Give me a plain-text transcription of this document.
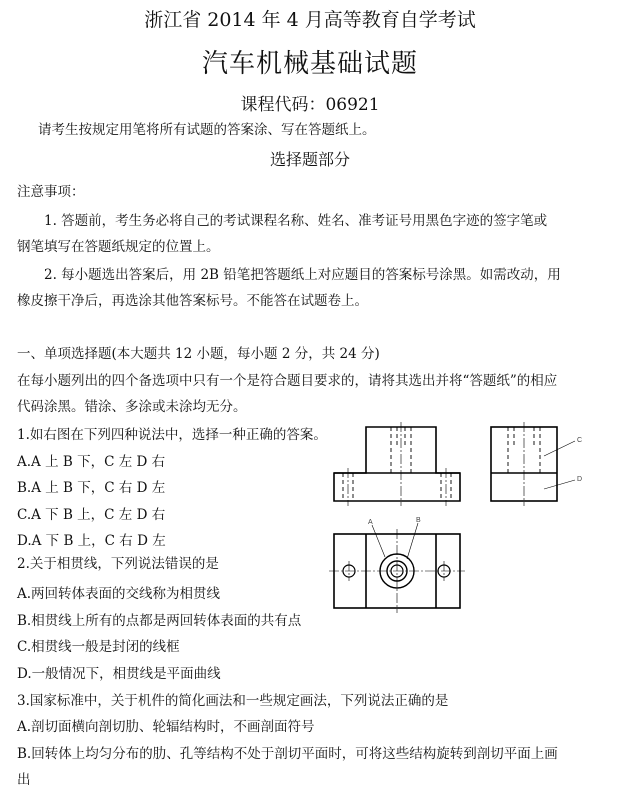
浙江省 2014 年 4 月高等教育自学考试
汽车机械基础试题
课程代码：06921
请考生按规定用笔将所有试题的答案涂、写在答题纸上。
选择题部分
注意事项：
1. 答题前，考生务必将自己的考试课程名称、姓名、准考证号用黑色字迹的签字笔或
钢笔填写在答题纸规定的位置上。
2. 每小题选出答案后，用 2B 铅笔把答题纸上对应题目的答案标号涂黑。如需改动，用
橡皮擦干净后，再选涂其他答案标号。不能答在试题卷上。
一、单项选择题(本大题共 12 小题，每小题 2 分，共 24 分)
在每小题列出的四个备选项中只有一个是符合题目要求的，请将其选出并将“答题纸”的相应
代码涂黑。错涂、多涂或未涂均无分。
1.如右图在下列四种说法中，选择一种正确的答案。
A.A 上 B 下，C 左 D 右
B.A 上 B 下，C 右 D 左
C.A 下 B 上，C 左 D 右
D.A 下 B 上，C 右 D 左
2.关于相贯线，下列说法错误的是
A.两回转体表面的交线称为相贯线
B.相贯线上所有的点都是两回转体表面的共有点
C.相贯线一般是封闭的线框
D.一般情况下，相贯线是平面曲线
3.国家标准中，关于机件的简化画法和一些规定画法，下列说法正确的是
A.剖切面横向剖切肋、轮辐结构时，不画剖面符号
B.回转体上均匀分布的肋、孔等结构不处于剖切平面时，可将这些结构旋转到剖切平面上画
出
C
D
A	B
